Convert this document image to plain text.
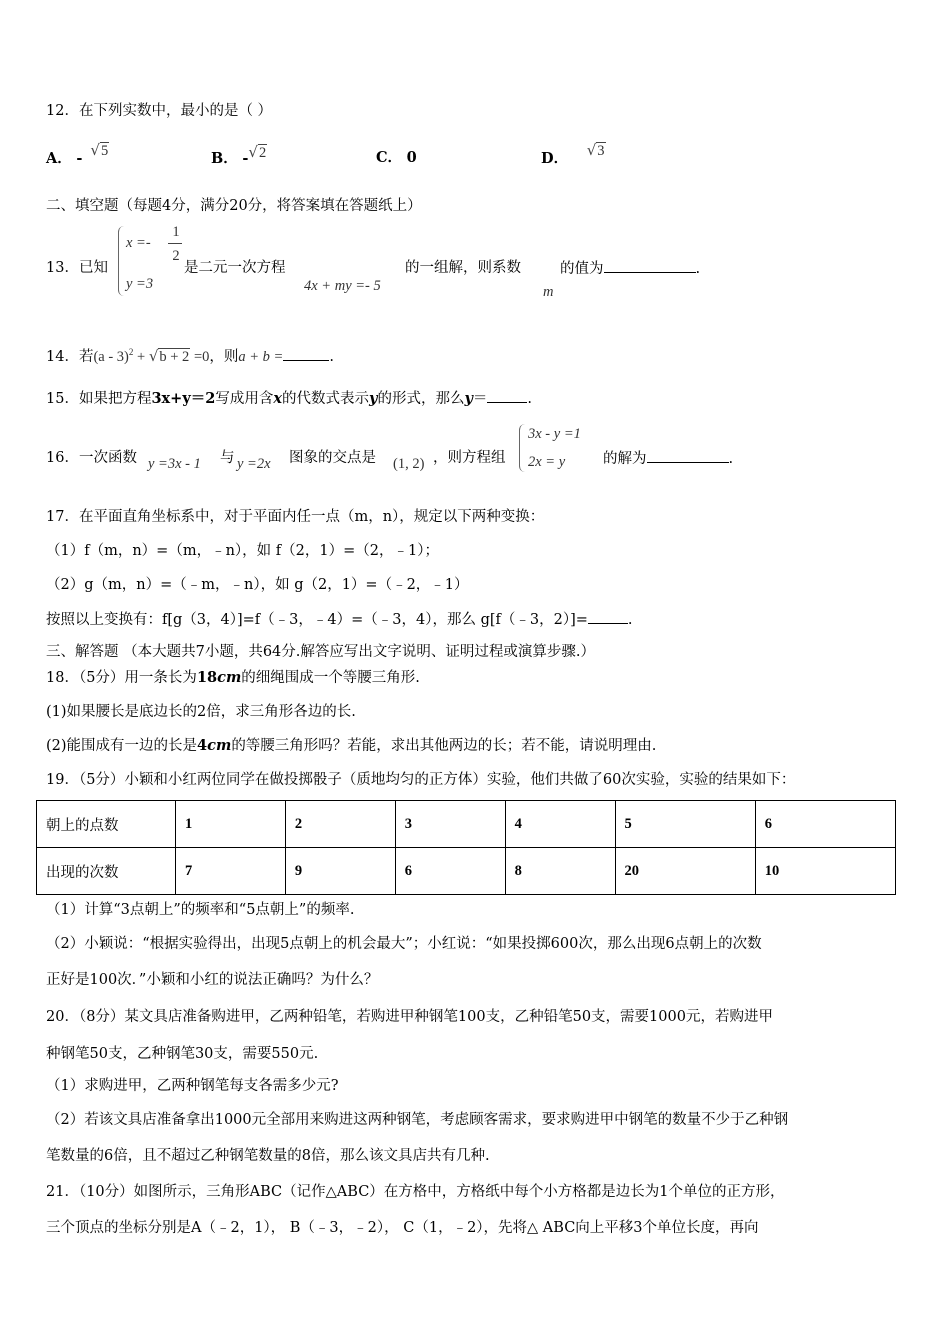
12．在下列实数中，最小的是（ ）
A． - √5	B． -√2	C． 0	D． √3
二、填空题（每题4分，满分20分，将答案填在答题纸上）
13．已知
x =-
1
2
y =3
是二元一次方程
4x + my =- 5
的一组解，则系数
m
的值为	.
14．若(a - 3)$^2$ + √b + 2 =0，则a + b =	.
15．如果把方程3x+y＝2写成用含x的代数式表示y的形式，那么y＝	.
16．一次函数 y =3x - 1 与 y =2x 图象的交点是 (1, 2) ，则方程组
3x - y =1
2x = y	的解为	.
17．在平面直角坐标系中，对于平面内任一点（m，n），规定以下两种变换：
（1）f（m，n）=（m，﹣n），如 f（2，1）=（2，﹣1）；
（2）g（m，n）=（﹣m，﹣n），如 g（2，1）=（﹣2，﹣1）
按照以上变换有：f[g（3，4）]=f（﹣3，﹣4）=（﹣3，4），那么 g[f（﹣3，2）]=	.
三、解答题 （本大题共7小题，共64分.解答应写出文字说明、证明过程或演算步骤.）
18．（5分）用一条长为18cm的细绳围成一个等腰三角形.
(1)如果腰长是底边长的2倍，求三角形各边的长.
(2)能围成有一边的长是4cm的等腰三角形吗？若能，求出其他两边的长；若不能，请说明理由.
19．（5分）小颖和小红两位同学在做投掷骰子（质地均匀的正方体）实验，他们共做了60次实验，实验的结果如下：
朝上的点数	1	2	3	4	5	6
出现的次数	7	9	6	8	20	10
（1）计算“3点朝上”的频率和“5点朝上”的频率.
（2）小颖说：“根据实验得出，出现5点朝上的机会最大”；小红说：“如果投掷600次，那么出现6点朝上的次数
正好是100次．”小颖和小红的说法正确吗？为什么？
20．（8分）某文具店准备购进甲，乙两种铅笔，若购进甲种钢笔100支，乙种铅笔50支，需要1000元，若购进甲
种钢笔50支，乙种钢笔30支，需要550元.
（1）求购进甲，乙两种钢笔每支各需多少元?
（2）若该文具店准备拿出1000元全部用来购进这两种钢笔，考虑顾客需求，要求购进甲中钢笔的数量不少于乙种钢
笔数量的6倍，且不超过乙种钢笔数量的8倍，那么该文具店共有几种.
21．（10分）如图所示，三角形ABC（记作△ABC）在方格中，方格纸中每个小方格都是边长为1个单位的正方形，
三个顶点的坐标分别是A（﹣2，1）， B（﹣3，﹣2）， C（1，﹣2），先将△ ABC向上平移3个单位长度，再向
